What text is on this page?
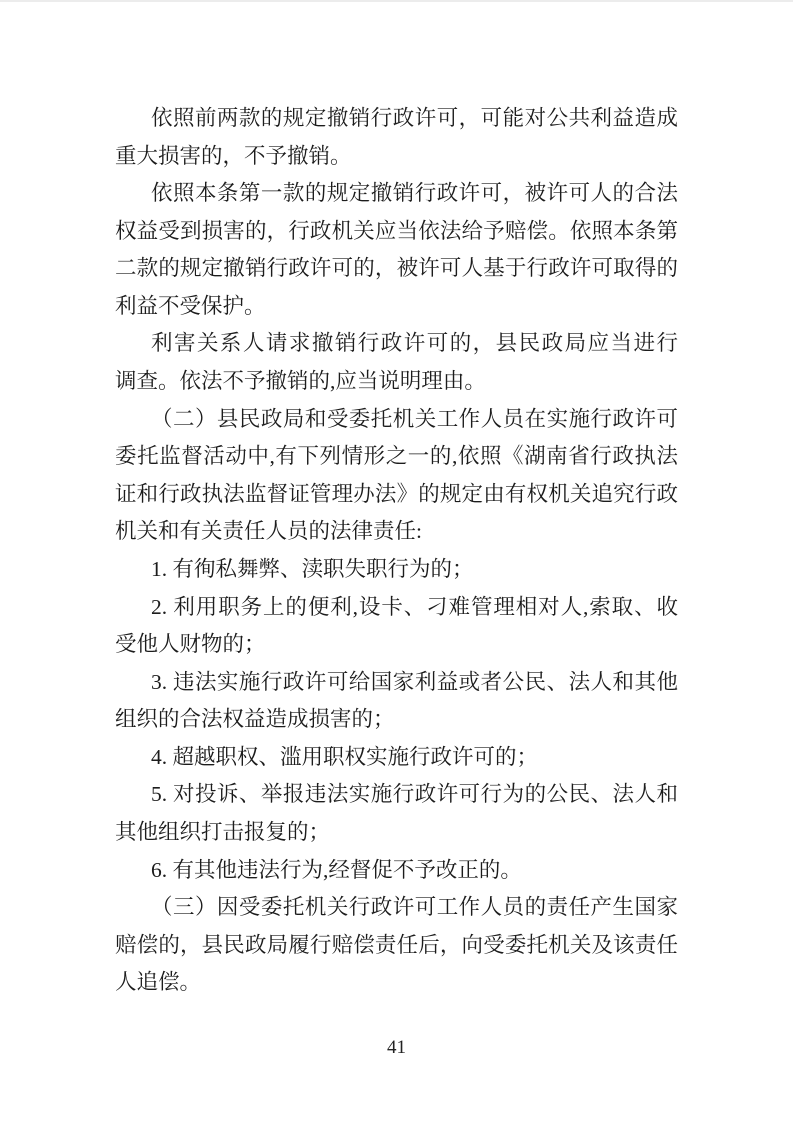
依照前两款的规定撤销行政许可，可能对公共利益造成
重大损害的，不予撤销。
依照本条第一款的规定撤销行政许可，被许可人的合法
权益受到损害的，行政机关应当依法给予赔偿。依照本条第
二款的规定撤销行政许可的，被许可人基于行政许可取得的
利益不受保护。
利害关系人请求撤销行政许可的，县民政局应当进行
调查。依法不予撤销的,应当说明理由。
（二）县民政局和受委托机关工作人员在实施行政许可
委托监督活动中,有下列情形之一的,依照《湖南省行政执法
证和行政执法监督证管理办法》的规定由有权机关追究行政
机关和有关责任人员的法律责任:
1. 有徇私舞弊、渎职失职行为的；
2. 利用职务上的便利,设卡、刁难管理相对人,索取、收
受他人财物的；
3. 违法实施行政许可给国家利益或者公民、法人和其他
组织的合法权益造成损害的；
4. 超越职权、滥用职权实施行政许可的；
5. 对投诉、举报违法实施行政许可行为的公民、法人和
其他组织打击报复的；
6. 有其他违法行为,经督促不予改正的。
（三）因受委托机关行政许可工作人员的责任产生国家
赔偿的，县民政局履行赔偿责任后，向受委托机关及该责任
人追偿。
41
